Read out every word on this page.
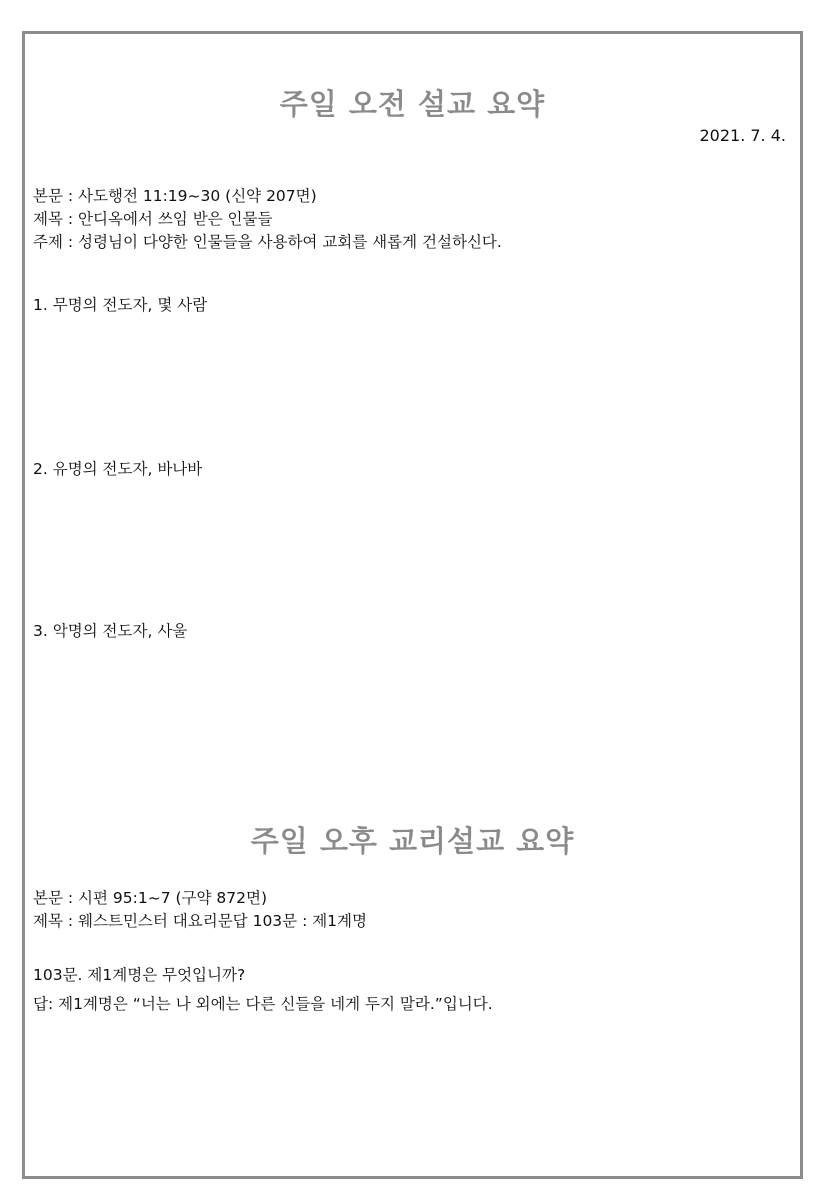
주일 오전 설교 요약
2021. 7. 4.
본문 : 사도행전 11:19~30 (신약 207면)
제목 : 안디옥에서 쓰임 받은 인물들
주제 : 성령님이 다양한 인물들을 사용하여 교회를 새롭게 건설하신다.
1. 무명의 전도자, 몇 사람
2. 유명의 전도자, 바나바
3. 악명의 전도자, 사울
주일 오후 교리설교 요약
본문 : 시편 95:1~7 (구약 872면)
제목 : 웨스트민스터 대요리문답 103문 : 제1계명
103문. 제1계명은 무엇입니까?
답: 제1계명은 “너는 나 외에는 다른 신들을 네게 두지 말라.”입니다.
